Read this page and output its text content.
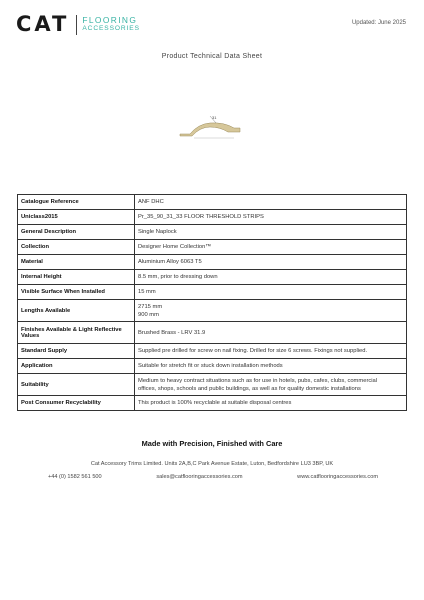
CAT FLOORING
ACCESSORIES
Updated: June 2025
Product Technical Data Sheet
31
Catalogue Reference	ANF DHC

Uniclass2015	Pr_35_90_31_33 FLOOR THRESHOLD STRIPS

General Description	Single Naplock

Collection	Designer Home Collection™

Material	Aluminium Alloy 6063 T5

Internal Height	8.5 mm, prior to dressing down

Visible Surface When Installed	15 mm

Lengths Available	2715 mm
900 mm

Finishes Available & Light Reflective Values	Brushed Brass - LRV 31.9

Standard Supply	Supplied pre drilled for screw on nail fixing. Drilled for size 6 screws. Fixings not supplied.

Application	Suitable for stretch fit or stuck down installation methods

Suitability	Medium to heavy contract situations such as for use in hotels, pubs, cafes, clubs, commercial
offices, shops, schools and public buildings, as well as for quality domestic installations

Post Consumer Recyclability	This product is 100% recyclable at suitable disposal centres
Made with Precision, Finished with Care
Cat Accessory Trims Limited. Units 2A,B,C Park Avenue Estate, Luton, Bedfordshire LU3 3BP, UK
+44 (0) 1582 561 500	sales@catflooringaccessories.com	www.catflooringaccessories.com
